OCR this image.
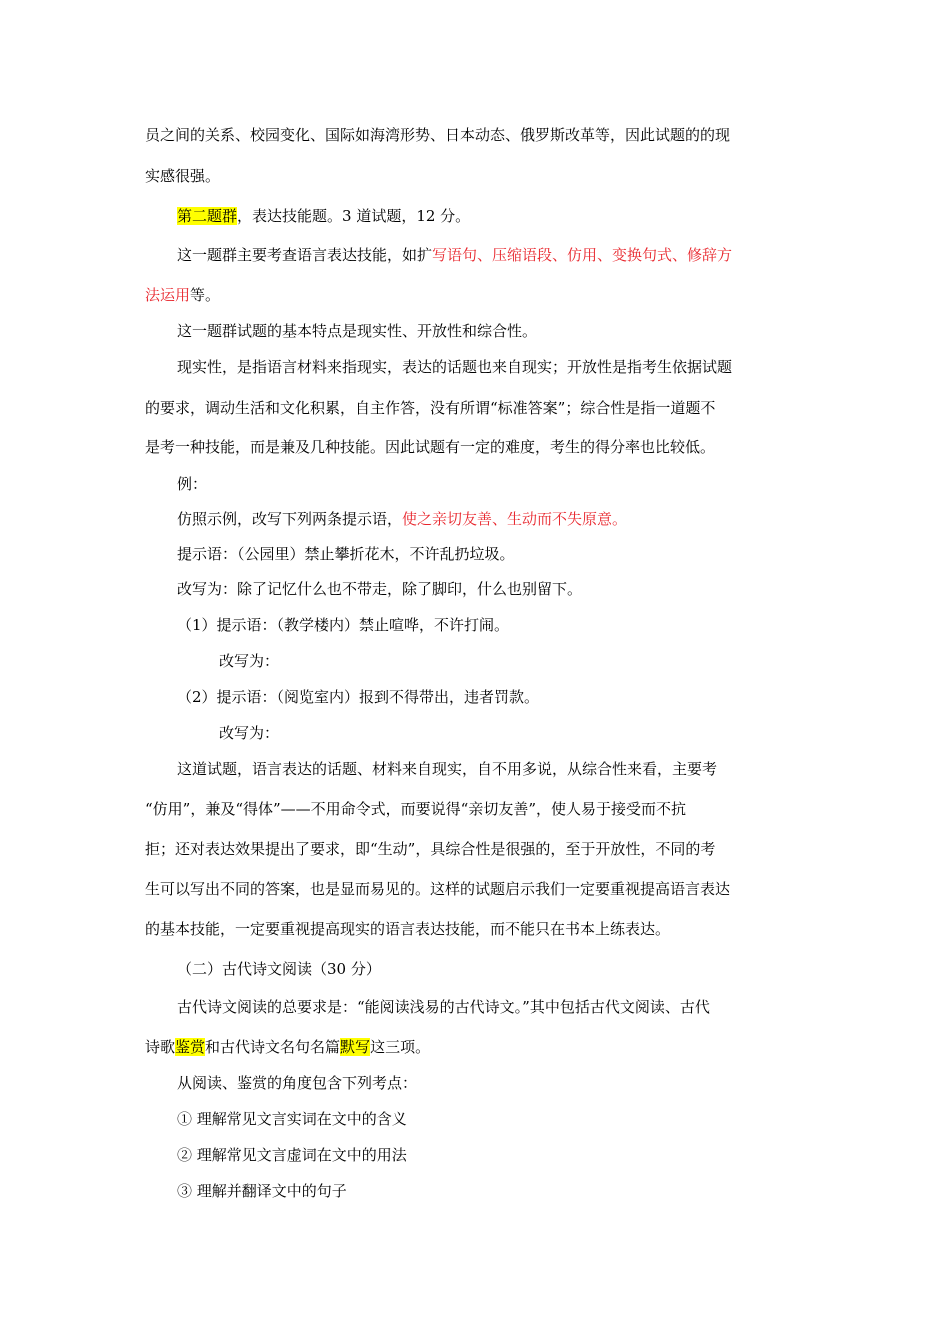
员之间的关系、校园变化、国际如海湾形势、日本动态、俄罗斯改革等，因此试题的的现
实感很强。
第二题群，表达技能题。3 道试题，12 分。
这一题群主要考查语言表达技能，如扩写语句、压缩语段、仿用、变换句式、修辞方
法运用等。
这一题群试题的基本特点是现实性、开放性和综合性。
现实性，是指语言材料来指现实，表达的话题也来自现实；开放性是指考生依据试题
的要求，调动生活和文化积累，自主作答，没有所谓“标准答案”；综合性是指一道题不
是考一种技能，而是兼及几种技能。因此试题有一定的难度，考生的得分率也比较低。
例：
仿照示例，改写下列两条提示语，使之亲切友善、生动而不失原意。
提示语：（公园里）禁止攀折花木，不许乱扔垃圾。
改写为：除了记忆什么也不带走，除了脚印，什么也别留下。
（1）提示语：（教学楼内）禁止喧哗，不许打闹。
改写为：
（2）提示语：（阅览室内）报到不得带出，违者罚款。
改写为：
这道试题，语言表达的话题、材料来自现实，自不用多说，从综合性来看，主要考
“仿用”，兼及“得体”——不用命令式，而要说得“亲切友善”，使人易于接受而不抗
拒；还对表达效果提出了要求，即“生动”，具综合性是很强的，至于开放性，不同的考
生可以写出不同的答案，也是显而易见的。这样的试题启示我们一定要重视提高语言表达
的基本技能，一定要重视提高现实的语言表达技能，而不能只在书本上练表达。
（二）古代诗文阅读（30 分）
古代诗文阅读的总要求是：“能阅读浅易的古代诗文。”其中包括古代文阅读、古代
诗歌鉴赏和古代诗文名句名篇默写这三项。
从阅读、鉴赏的角度包含下列考点：
① 理解常见文言实词在文中的含义
② 理解常见文言虚词在文中的用法
③ 理解并翻译文中的句子
